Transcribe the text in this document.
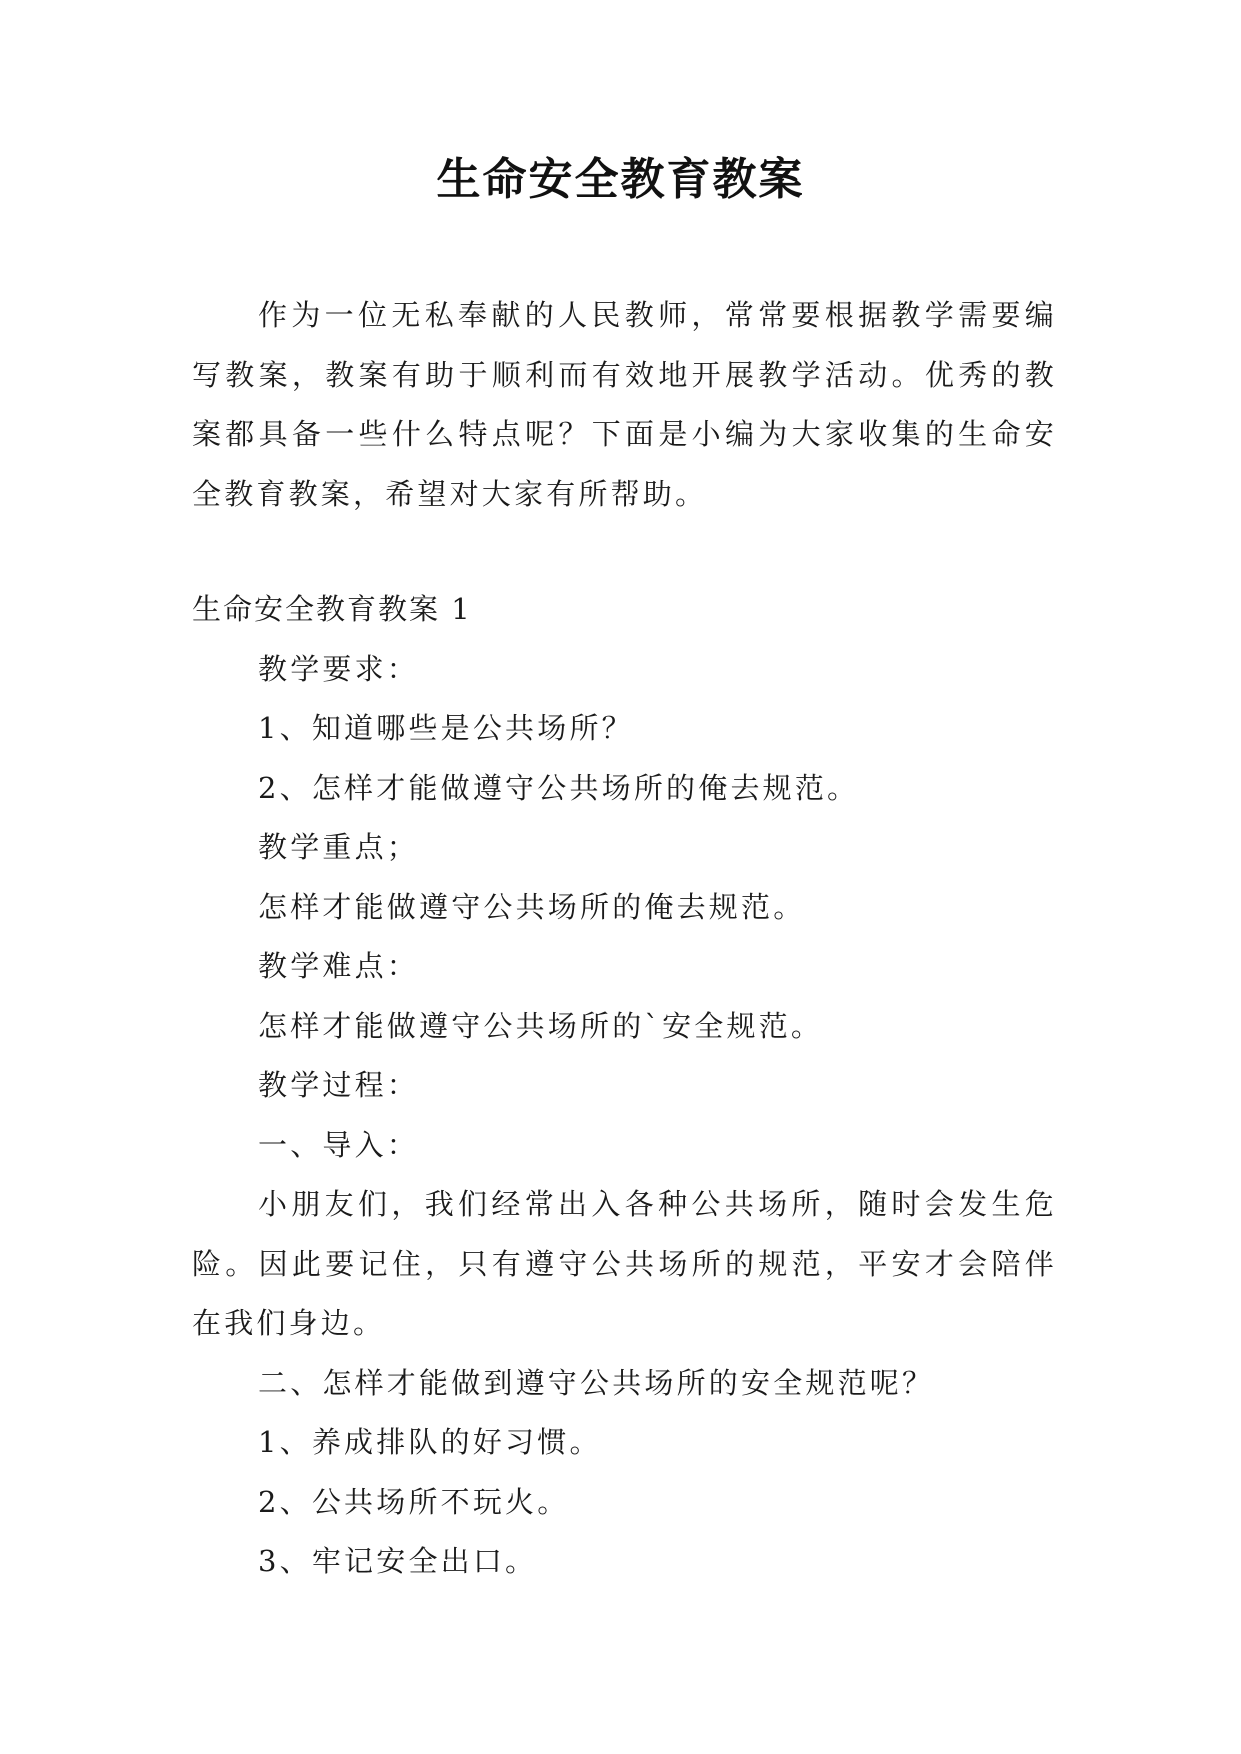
生命安全教育教案

作为一位无私奉献的人民教师，常常要根据教学需要编写教案，教案有助于顺利而有效地开展教学活动。优秀的教案都具备一些什么特点呢？下面是小编为大家收集的生命安全教育教案，希望对大家有所帮助。

生命安全教育教案 1

教学要求：

1、知道哪些是公共场所？

2、怎样才能做遵守公共场所的俺去规范。

教学重点；

怎样才能做遵守公共场所的俺去规范。

教学难点：

怎样才能做遵守公共场所的`安全规范。

教学过程：

一、导入：

小朋友们，我们经常出入各种公共场所，随时会发生危险。因此要记住，只有遵守公共场所的规范，平安才会陪伴在我们身边。

二、怎样才能做到遵守公共场所的安全规范呢？

1、养成排队的好习惯。

2、公共场所不玩火。

3、牢记安全出口。
